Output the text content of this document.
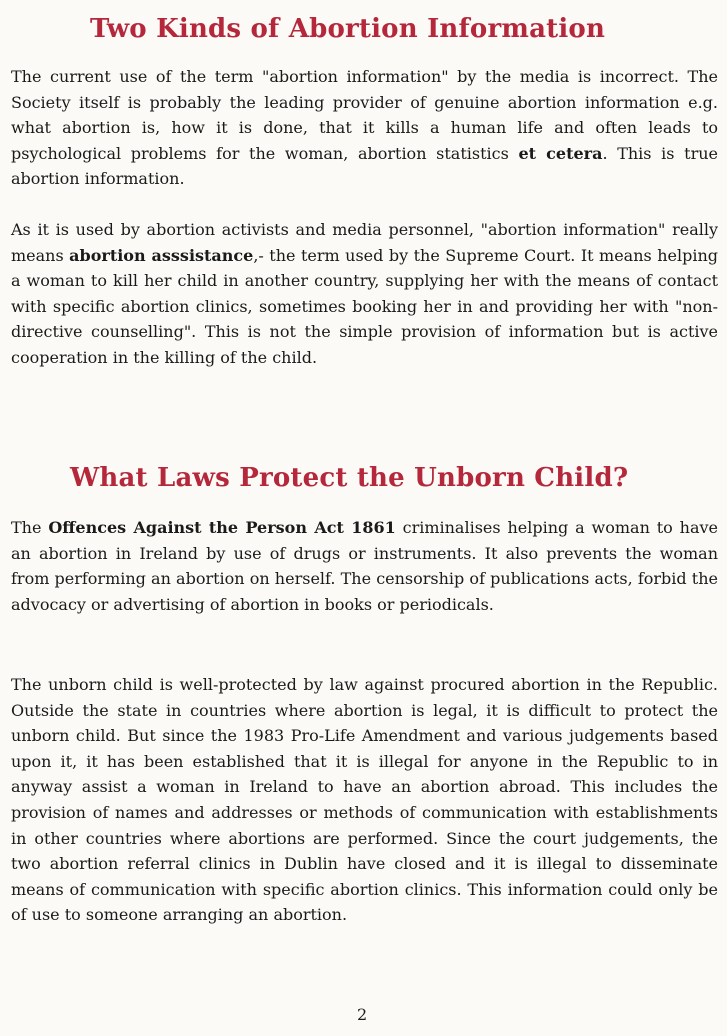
Two Kinds of Abortion Information

The current use of the term "abortion information" by the media is incorrect. The Society itself is probably the leading provider of genuine abortion information e.g. what abortion is, how it is done, that it kills a human life and often leads to psychological problems for the woman, abortion statistics et cetera. This is true abortion information.

As it is used by abortion activists and media personnel, "abortion information" really means abortion asssistance,- the term used by the Supreme Court. It means helping a woman to kill her child in another country, supplying her with the means of contact with specific abortion clinics, sometimes booking her in and providing her with "non-directive counselling". This is not the simple provision of information but is active cooperation in the killing of the child.

What Laws Protect the Unborn Child?

The Offences Against the Person Act 1861 criminalises helping a woman to have an abortion in Ireland by use of drugs or instruments. It also prevents the woman from performing an abortion on herself. The censorship of publications acts, forbid the advocacy or advertising of abortion in books or periodicals.

The unborn child is well-protected by law against procured abortion in the Republic. Outside the state in countries where abortion is legal, it is difficult to protect the unborn child. But since the 1983 Pro-Life Amendment and various judgements based upon it, it has been established that it is illegal for anyone in the Republic to in anyway assist a woman in Ireland to have an abortion abroad. This includes the provision of names and addresses or methods of communication with establishments in other countries where abortions are performed. Since the court judgements, the two abortion referral clinics in Dublin have closed and it is illegal to disseminate means of communication with specific abortion clinics. This information could only be of use to someone arranging an abortion.

2
